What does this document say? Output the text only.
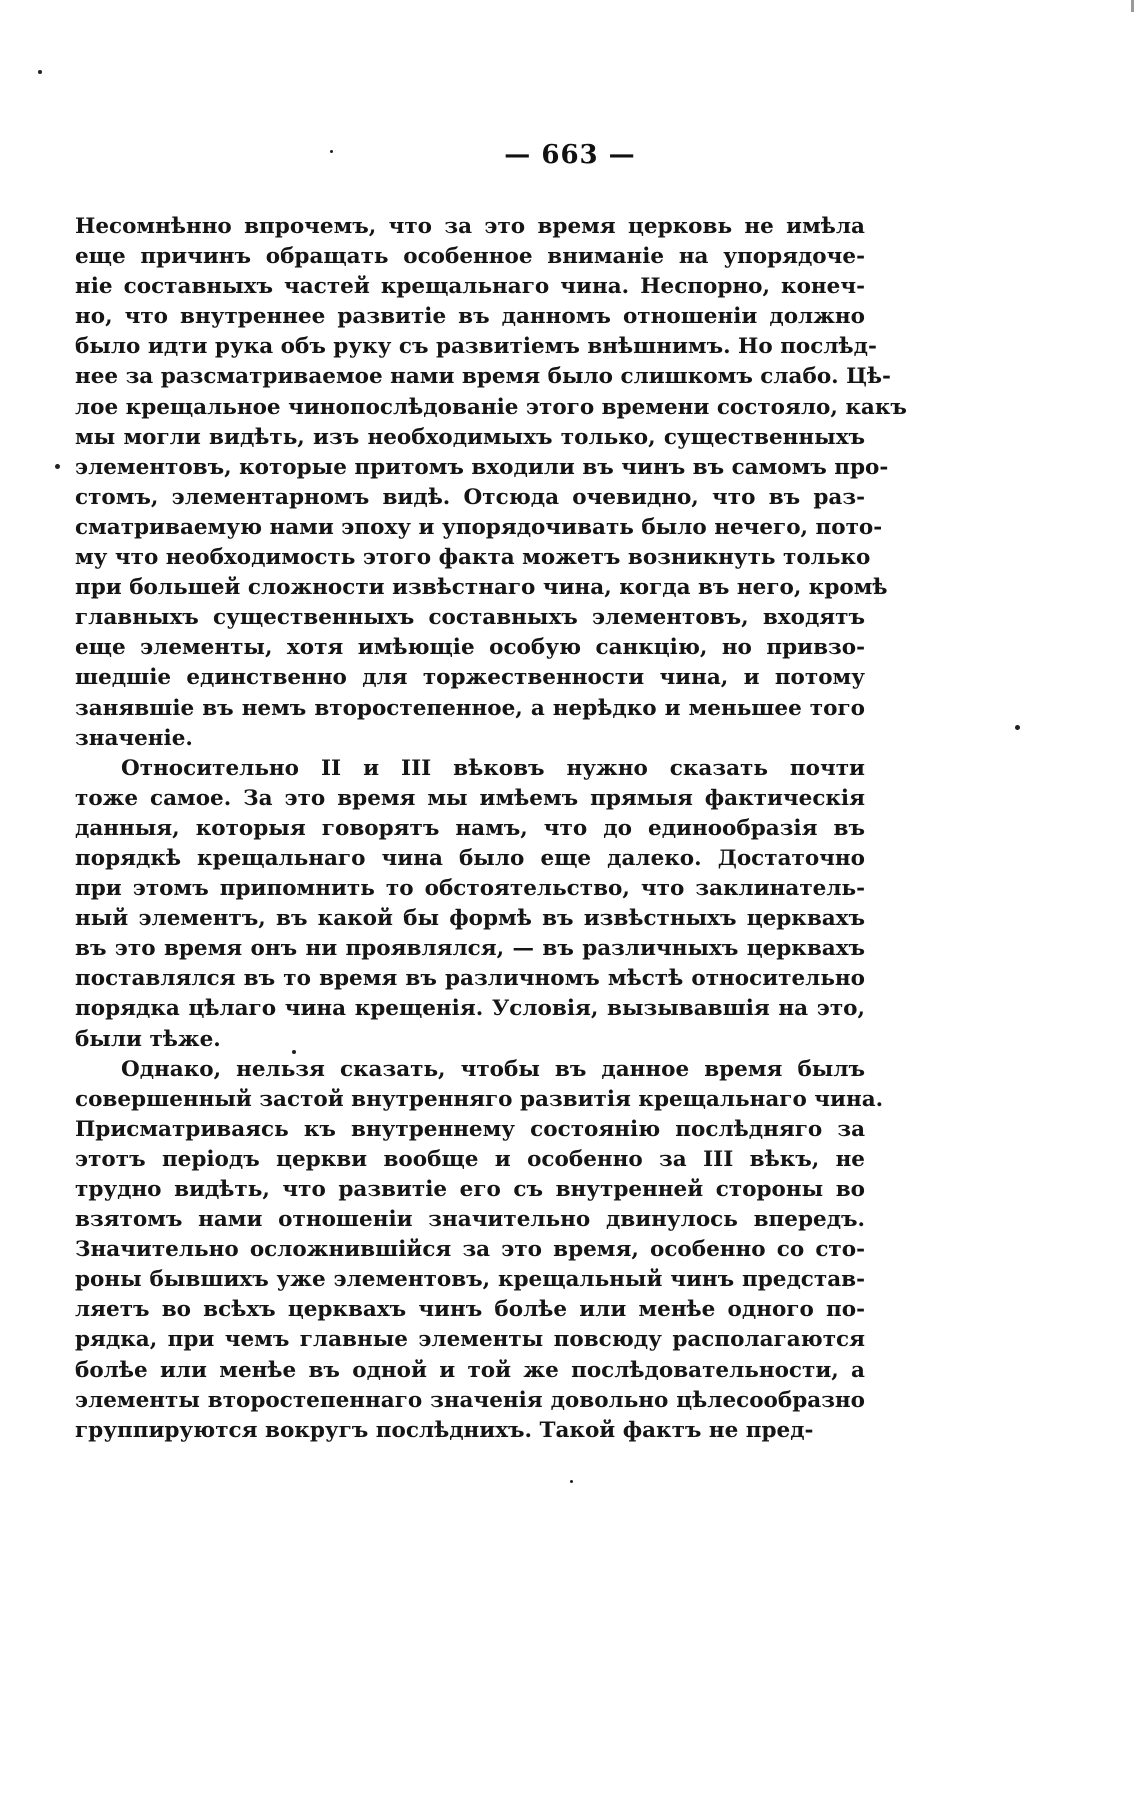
— 663 —
Несомнѣнно впрочемъ, что за это время церковь не имѣла
еще причинъ обращать особенное вниманіе на упорядоче-
ніе составныхъ частей крещальнаго чина. Неспорно, конеч-
но, что внутреннее развитіе въ данномъ отношеніи должно
было идти рука объ руку съ развитіемъ внѣшнимъ. Но послѣд-
нее за разсматриваемое нами время было слишкомъ слабо. Цѣ-
лое крещальное чинопослѣдованіе этого времени состояло, какъ
мы могли видѣть, изъ необходимыхъ только, существенныхъ
элементовъ, которые притомъ входили въ чинъ въ самомъ про-
стомъ, элементарномъ видѣ. Отсюда очевидно, что въ раз-
сматриваемую нами эпоху и упорядочивать было нечего, пото-
му что необходимость этого факта можетъ возникнуть только
при большей сложности извѣстнаго чина, когда въ него, кромѣ
главныхъ существенныхъ составныхъ элементовъ, входятъ
еще элементы, хотя имѣющіе особую санкцію, но привзо-
шедшіе единственно для торжественности чина, и потому
занявшіе въ немъ второстепенное, а нерѣдко и меньшее того
значеніе.
Относительно II и III вѣковъ нужно сказать почти
тоже самое. За это время мы имѣемъ прямыя фактическія
данныя, которыя говорятъ намъ, что до единообразія въ
порядкѣ крещальнаго чина было еще далеко. Достаточно
при этомъ припомнить то обстоятельство, что заклинатель-
ный элементъ, въ какой бы формѣ въ извѣстныхъ церквахъ
въ это время онъ ни проявлялся, — въ различныхъ церквахъ
поставлялся въ то время въ различномъ мѣстѣ относительно
порядка цѣлаго чина крещенія. Условія, вызывавшія на это,
были тѣже.
Однако, нельзя сказать, чтобы въ данное время былъ
совершенный застой внутренняго развитія крещальнаго чина.
Присматриваясь къ внутреннему состоянію послѣдняго за
этотъ періодъ церкви вообще и особенно за III вѣкъ, не
трудно видѣть, что развитіе его съ внутренней стороны во
взятомъ нами отношеніи значительно двинулось впередъ.
Значительно осложнившійся за это время, особенно со сто-
роны бывшихъ уже элементовъ, крещальный чинъ представ-
ляетъ во всѣхъ церквахъ чинъ болѣе или менѣе одного по-
рядка, при чемъ главные элементы повсюду располагаются
болѣе или менѣе въ одной и той же послѣдовательности, а
элементы второстепеннаго значенія довольно цѣлесообразно
группируются вокругъ послѣднихъ. Такой фактъ не пред-
